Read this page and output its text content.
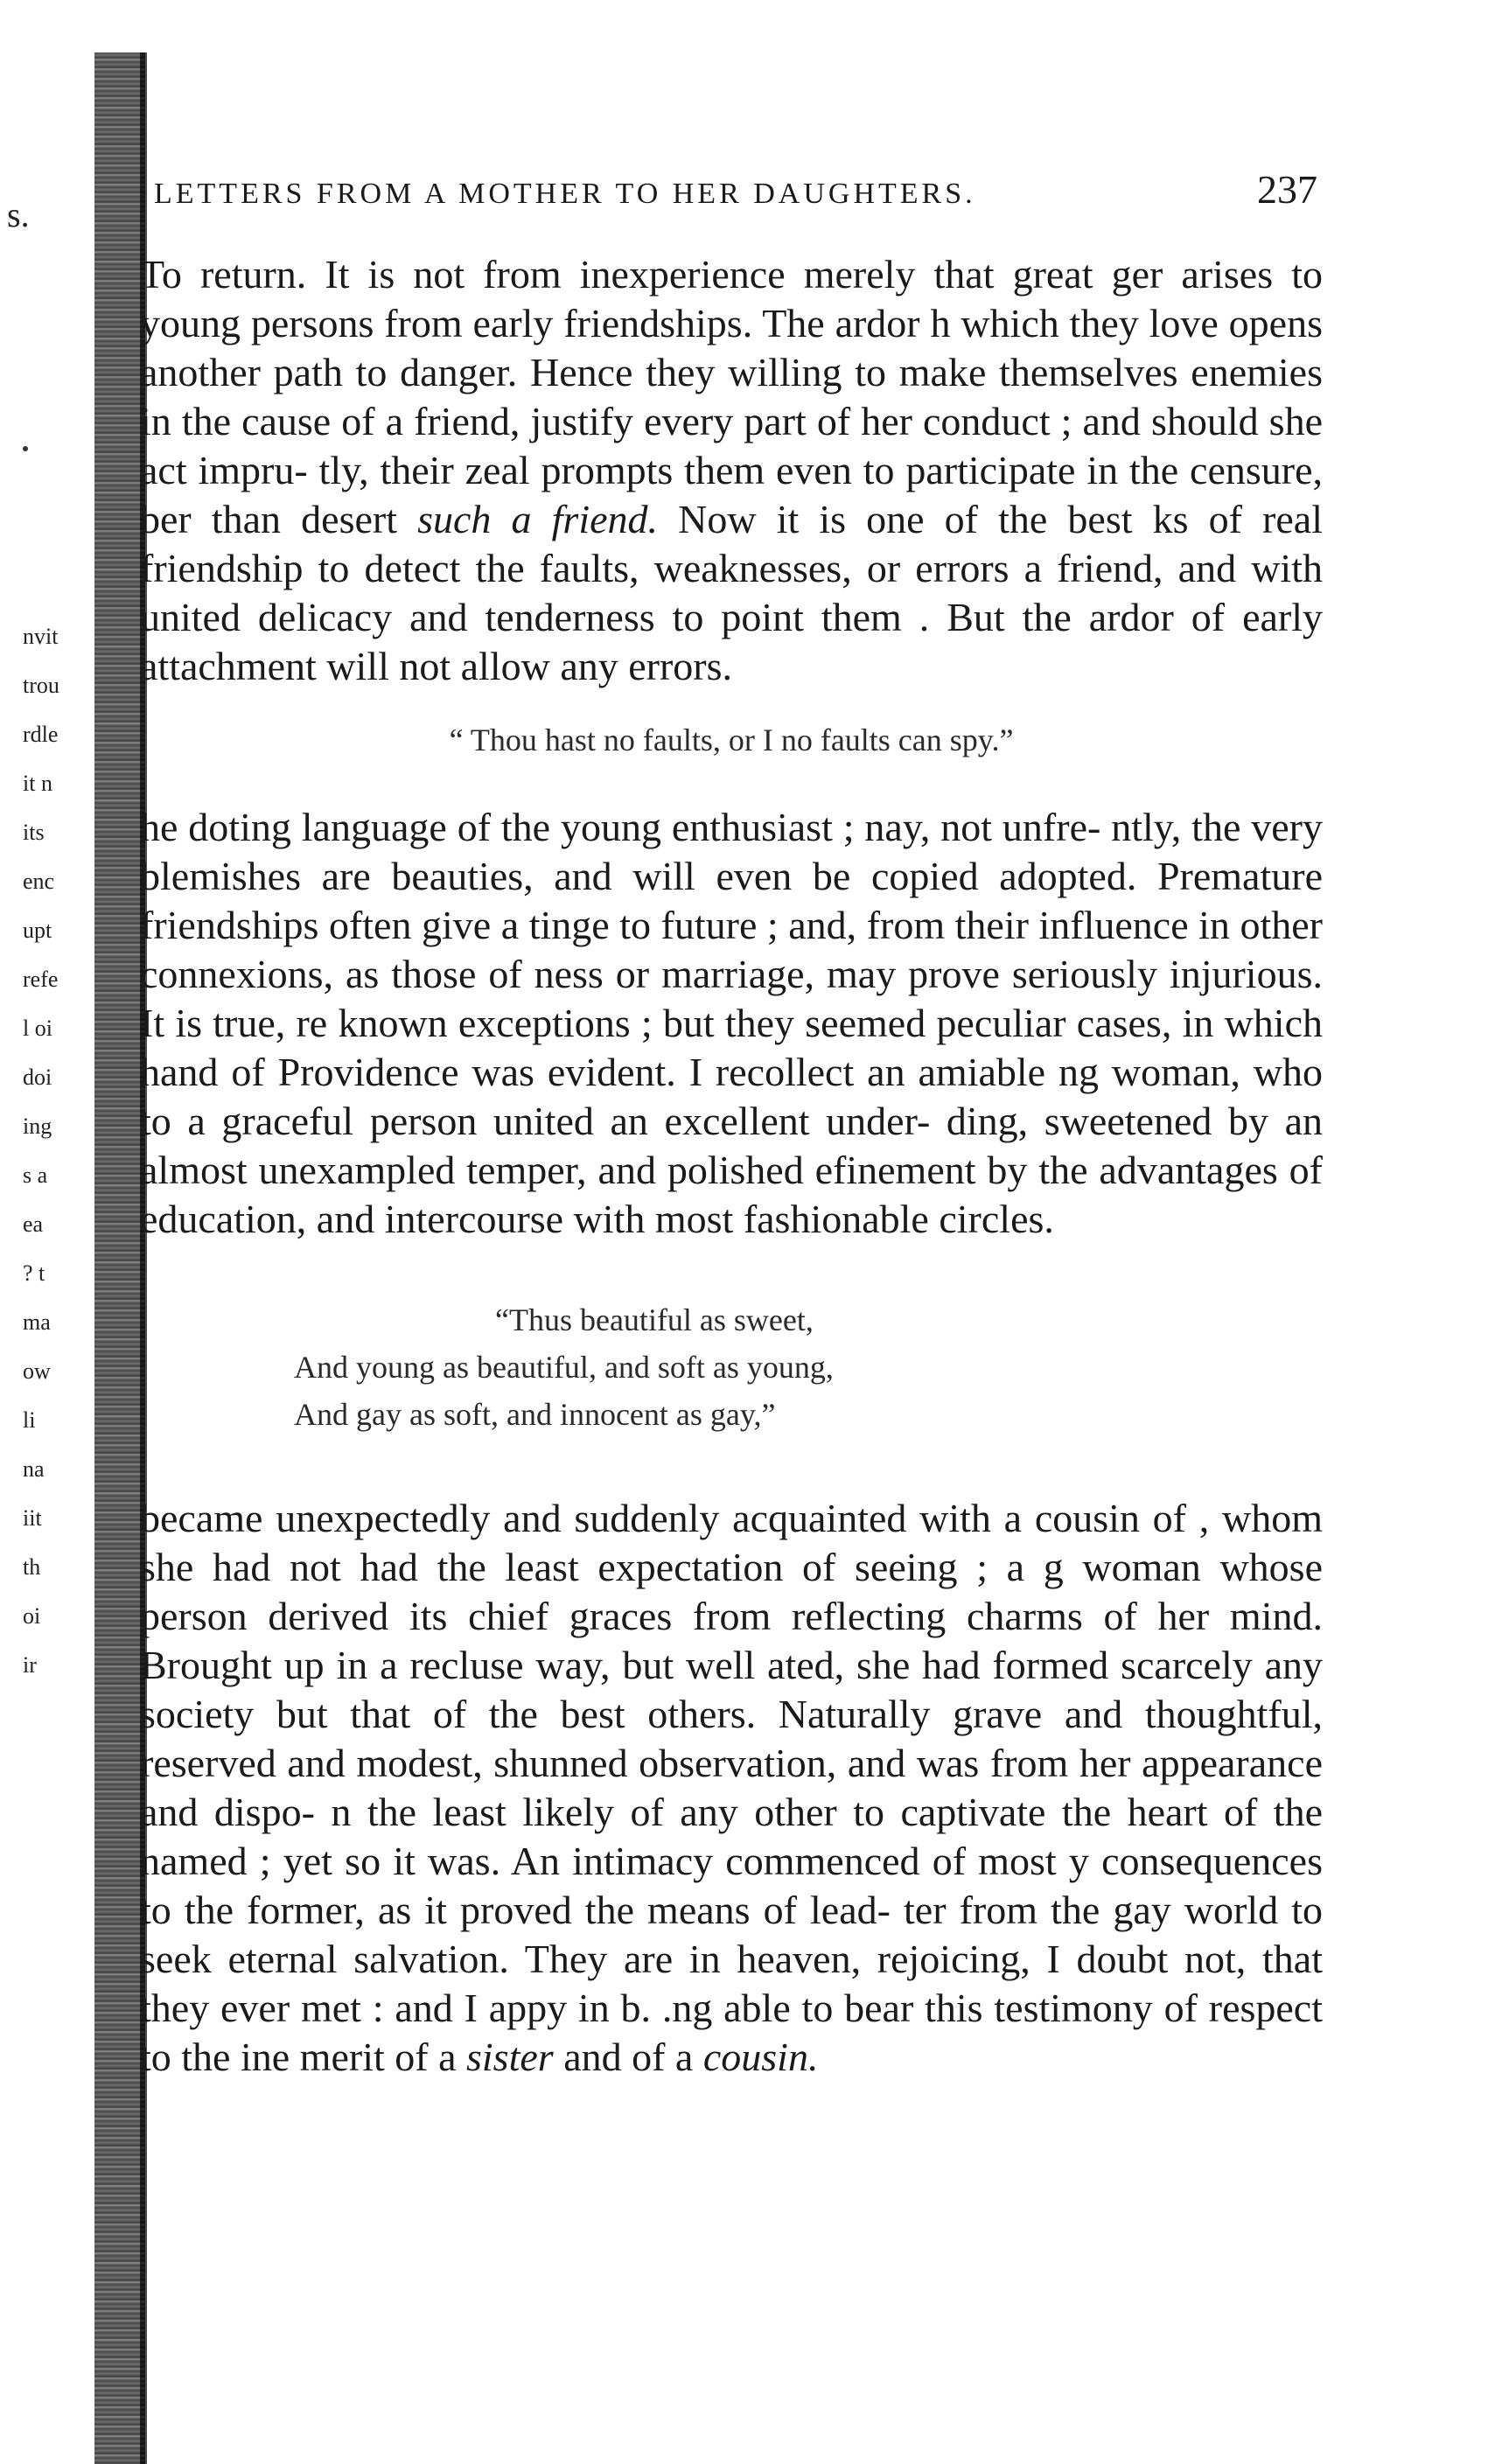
s.
nvit
trou
rdle
it n
its
enc
upt
refe
l oi
doi
ing
s a
ea
? t
ma
ow
li
na
iit
th
oi
ir
LETTERS FROM A MOTHER TO HER DAUGHTERS.	237

To return. It is not from inexperience merely that great ger arises to young persons from early friendships. The ardor h which they love opens another path to danger. Hence they willing to make themselves enemies in the cause of a friend, justify every part of her conduct ; and should she act impru- tly, their zeal prompts them even to participate in the censure, ber than desert such a friend. Now it is one of the best ks of real friendship to detect the faults, weaknesses, or errors a friend, and with united delicacy and tenderness to point them . But the ardor of early attachment will not allow any errors.

“ Thou hast no faults, or I no faults can spy.”

he doting language of the young enthusiast ; nay, not unfre- ntly, the very blemishes are beauties, and will even be copied adopted. Premature friendships often give a tinge to future ; and, from their influence in other connexions, as those of ness or marriage, may prove seriously injurious. It is true, re known exceptions ; but they seemed peculiar cases, in which hand of Providence was evident. I recollect an amiable ng woman, who to a graceful person united an excellent under- ding, sweetened by an almost unexampled temper, and polished efinement by the advantages of education, and intercourse with most fashionable circles.

“Thus beautiful as sweet,
And young as beautiful, and soft as young,
And gay as soft, and innocent as gay,”

became unexpectedly and suddenly acquainted with a cousin of , whom she had not had the least expectation of seeing ; a g woman whose person derived its chief graces from reflecting charms of her mind. Brought up in a recluse way, but well ated, she had formed scarcely any society but that of the best others. Naturally grave and thoughtful, reserved and modest, shunned observation, and was from her appearance and dispo- n the least likely of any other to captivate the heart of the named ; yet so it was. An intimacy commenced of most y consequences to the former, as it proved the means of lead- ter from the gay world to seek eternal salvation. They are in heaven, rejoicing, I doubt not, that they ever met : and I appy in b. .ng able to bear this testimony of respect to the ine merit of a sister and of a cousin.
